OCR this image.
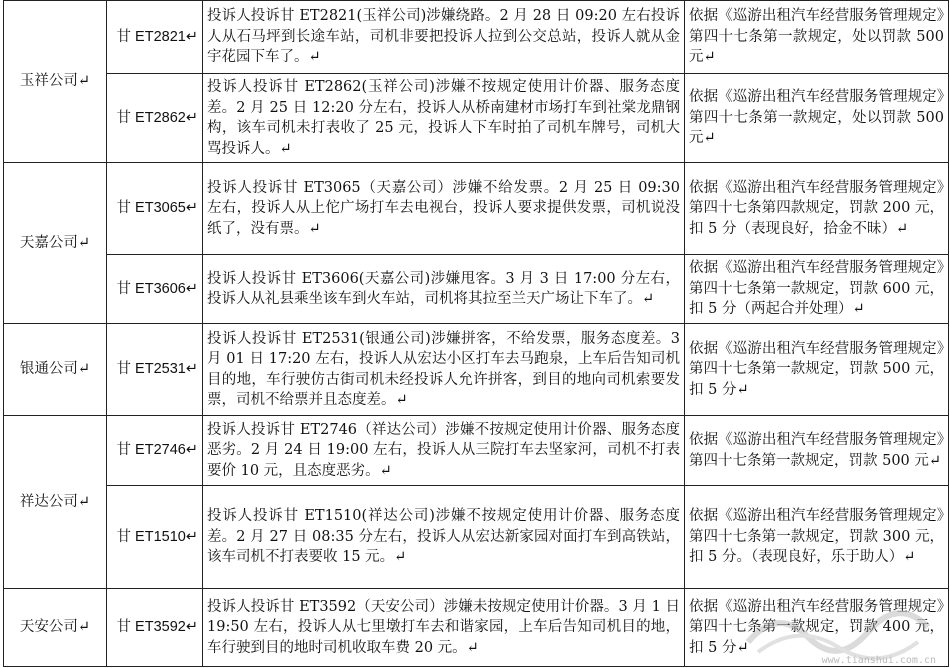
玉祥公司↵	甘 ET2821↵	投诉人投诉甘 ET2821(玉祥公司)涉嫌绕路。2 月 28 日 09:20 左右投诉人从石马坪到长途车站，司机非要把投诉人拉到公交总站，投诉人就从金宇花园下车了。↵	依据《巡游出租汽车经营服务管理规定》第四十七条第一款规定，处以罚款 500 元↵
	甘 ET2862↵	投诉人投诉甘 ET2862(玉祥公司)涉嫌不按规定使用计价器、服务态度差。2 月 25 日 12:20 分左右，投诉人从桥南建材市场打车到社棠龙鼎钢构，该车司机未打表收了 25 元，投诉人下车时拍了司机车牌号，司机大骂投诉人。↵	依据《巡游出租汽车经营服务管理规定》第四十七条第一款规定，处以罚款 500 元↵
天嘉公司↵	甘 ET3065↵	投诉人投诉甘 ET3065（天嘉公司）涉嫌不给发票。2 月 25 日 09:30 左右，投诉人从上佗广场打车去电视台，投诉人要求提供发票，司机说没纸了，没有票。↵	依据《巡游出租汽车经营服务管理规定》第四十七条第四款规定，罚款 200 元，扣 5 分（表现良好，拾金不昧）↵
	甘 ET3606↵	投诉人投诉甘 ET3606(天嘉公司)涉嫌甩客。3 月 3 日 17:00 分左右，投诉人从礼县乘坐该车到火车站，司机将其拉至兰天广场让下车了。↵	依据《巡游出租汽车经营服务管理规定》第四十七条第一款规定，罚款 600 元，扣 5 分（两起合并处理）↵
银通公司↵	甘 ET2531↵	投诉人投诉甘 ET2531(银通公司)涉嫌拼客，不给发票，服务态度差。3 月 01 日 17:20 左右，投诉人从宏达小区打车去马跑泉，上车后告知司机目的地，车行驶仿古街司机未经投诉人允许拼客，到目的地向司机索要发票，司机不给票并且态度差。↵	依据《巡游出租汽车经营服务管理规定》第四十七条第一款规定，罚款 500 元，扣 5 分↵
祥达公司↵	甘 ET2746↵	投诉人投诉甘 ET2746（祥达公司）涉嫌不按规定使用计价器、服务态度恶劣。2 月 24 日 19:00 左右，投诉人从三院打车去坚家河，司机不打表要价 10 元，且态度恶劣。↵	依据《巡游出租汽车经营服务管理规定》第四十七条第一款规定，罚款 500 元↵
	甘 ET1510↵	投诉人投诉甘 ET1510(祥达公司)涉嫌不按规定使用计价器、服务态度差。2 月 27 日 08:35 分左右，投诉人从宏达新家园对面打车到高铁站，该车司机不打表要收 15 元。↵	依据《巡游出租汽车经营服务管理规定》第四十七条第一款规定，罚款 300 元，扣 5 分。（表现良好，乐于助人）↵
天安公司↵	甘 ET3592↵	投诉人投诉甘 ET3592（天安公司）涉嫌未按规定使用计价器。3 月 1 日 19:50 左右，投诉人从七里墩打车去和谐家园，上车后告知司机目的地，车行驶到目的地时司机收取车费 20 元。↵	依据《巡游出租汽车经营服务管理规定》第四十七条第一款规定，罚款 400 元，扣 5 分↵
www.tianshui.com.cn
